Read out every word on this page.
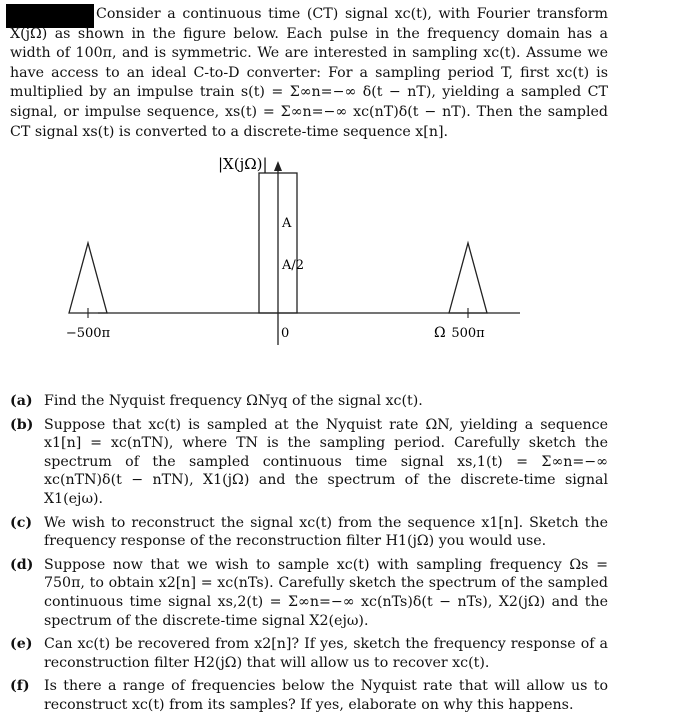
Consider a continuous time (CT) signal xc(t), with Fourier transform X(jΩ) as shown in the figure below. Each pulse in the frequency domain has a width of 100π, and is symmetric. We are interested in sampling xc(t). Assume we have access to an ideal C-to-D converter: For a sampling period T, first xc(t) is multiplied by an impulse train s(t) = Σ∞n=−∞ δ(t − nT), yielding a sampled CT signal, or impulse sequence, xs(t) = Σ∞n=−∞ xc(nT)δ(t − nT). Then the sampled CT signal xs(t) is converted to a discrete-time sequence x[n].

−500π	0	500π
|X(jΩ)|
Ω
A
A/2
(a) Find the Nyquist frequency ΩNyq of the signal xc(t).
(b) Suppose that xc(t) is sampled at the Nyquist rate ΩN, yielding a sequence x1[n] = xc(nTN), where TN is the sampling period. Carefully sketch the spectrum of the sampled continuous time signal xs,1(t) = Σ∞n=−∞ xc(nTN)δ(t − nTN), X1(jΩ) and the spectrum of the discrete-time signal X1(ejω).
(c) We wish to reconstruct the signal xc(t) from the sequence x1[n]. Sketch the frequency response of the reconstruction filter H1(jΩ) you would use.
(d) Suppose now that we wish to sample xc(t) with sampling frequency Ωs = 750π, to obtain x2[n] = xc(nTs). Carefully sketch the spectrum of the sampled continuous time signal xs,2(t) = Σ∞n=−∞ xc(nTs)δ(t − nTs), X2(jΩ) and the spectrum of the discrete-time signal X2(ejω).
(e) Can xc(t) be recovered from x2[n]? If yes, sketch the frequency response of a reconstruction filter H2(jΩ) that will allow us to recover xc(t).
(f)	Is there a range of frequencies below the Nyquist rate that will allow us to reconstruct xc(t) from its samples? If yes, elaborate on why this happens.
